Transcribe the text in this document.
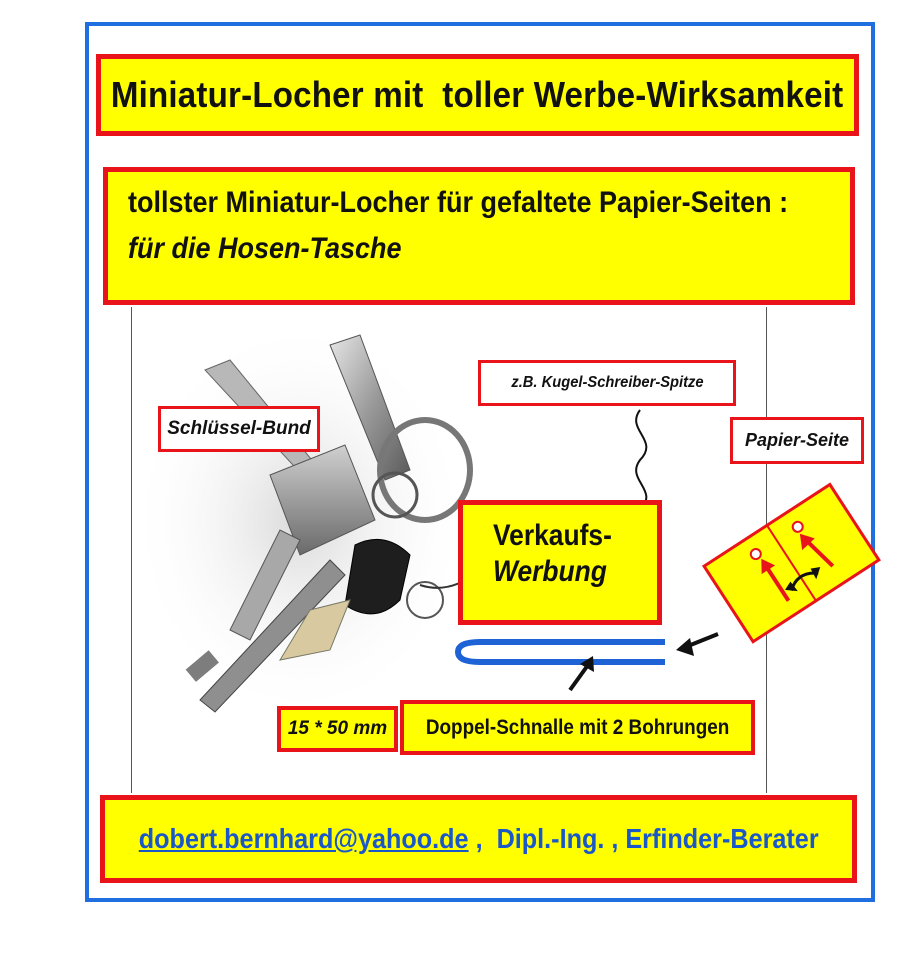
Miniatur-Locher mit  toller Werbe-Wirksamkeit
tollster Miniatur-Locher für gefaltete Papier-Seiten :
für die Hosen-Tasche
Schlüssel-Bund
z.B. Kugel-Schreiber-Spitze
Papier-Seite
Verkaufs-
Werbung
15 * 50 mm Doppel-Schnalle mit 2 Bohrungen
dobert.bernhard@yahoo.de ,  Dipl.-Ing. , Erfinder-Berater
